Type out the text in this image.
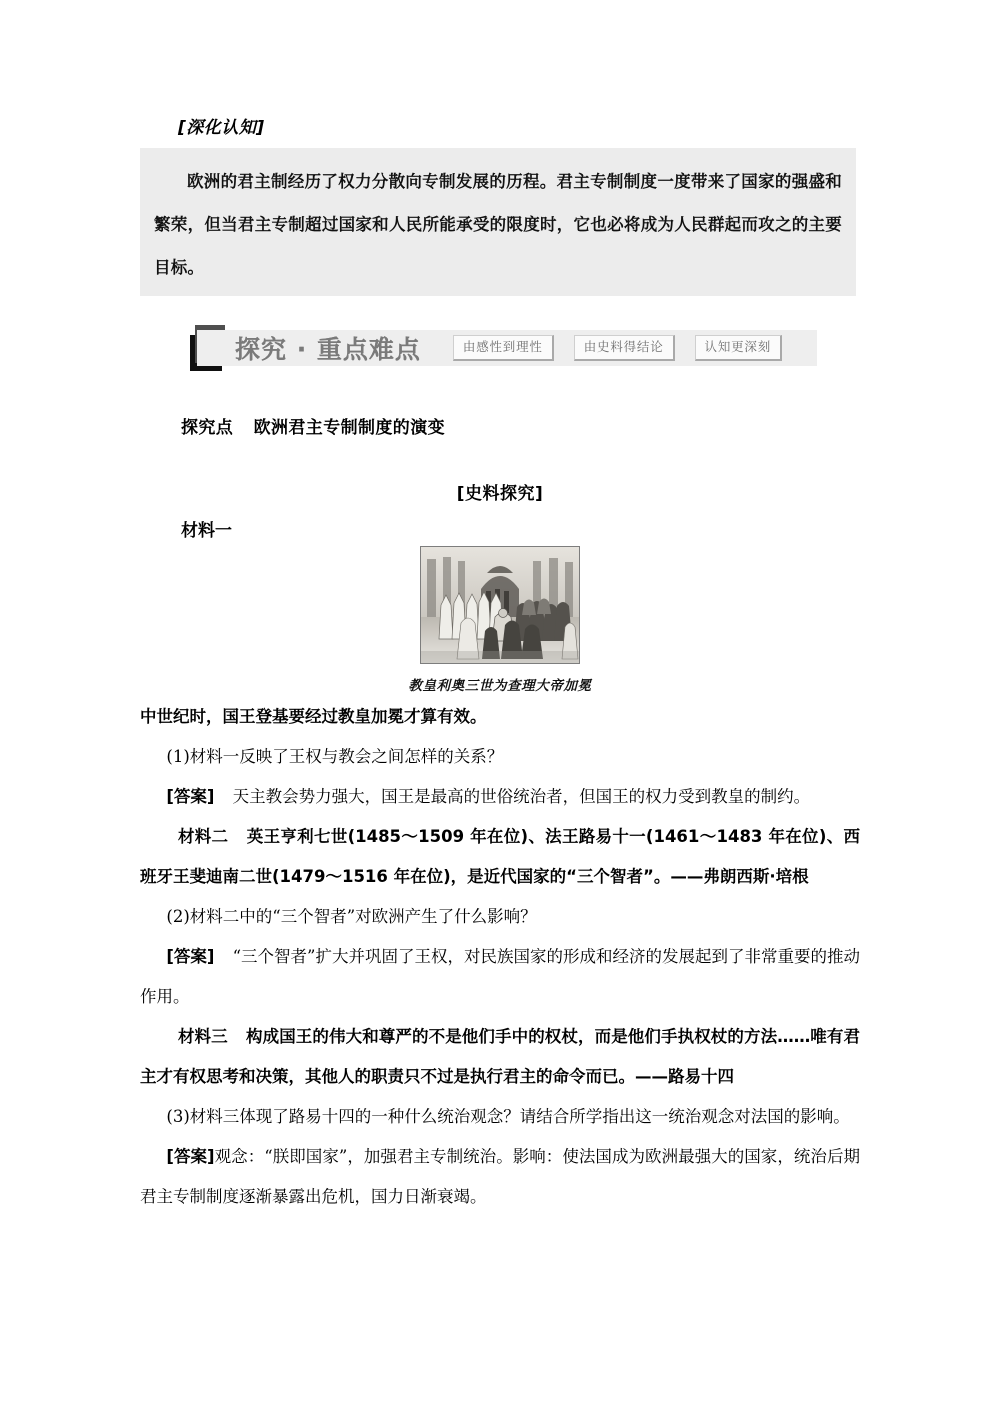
[深化认知]

欧洲的君主制经历了权力分散向专制发展的历程。君主专制制度一度带来了国家的强盛和繁荣，但当君主专制超过国家和人民所能承受的限度时，它也必将成为人民群起而攻之的主要目标。

探究 · 重点难点	由感性到理性	由史料得结论	认知更深刻
探究点 欧洲君主专制制度的演变
[史料探究]
材料一
教皇利奥三世为查理大帝加冕

中世纪时，国王登基要经过教皇加冕才算有效。

(1)材料一反映了王权与教会之间怎样的关系？

[答案] 天主教会势力强大，国王是最高的世俗统治者，但国王的权力受到教皇的制约。

材料二 英王亨利七世(1485～1509 年在位)、法王路易十一(1461～1483 年在位)、西班牙王斐迪南二世(1479～1516 年在位)，是近代国家的“三个智者”。——弗朗西斯·培根

(2)材料二中的“三个智者”对欧洲产生了什么影响？

[答案] “三个智者”扩大并巩固了王权，对民族国家的形成和经济的发展起到了非常重要的推动作用。

材料三 构成国王的伟大和尊严的不是他们手中的权杖，而是他们手执权杖的方法……唯有君主才有权思考和决策，其他人的职责只不过是执行君主的命令而已。——路易十四

(3)材料三体现了路易十四的一种什么统治观念？请结合所学指出这一统治观念对法国的影响。

[答案]观念：“朕即国家”，加强君主专制统治。影响：使法国成为欧洲最强大的国家，统治后期君主专制制度逐渐暴露出危机，国力日渐衰竭。
